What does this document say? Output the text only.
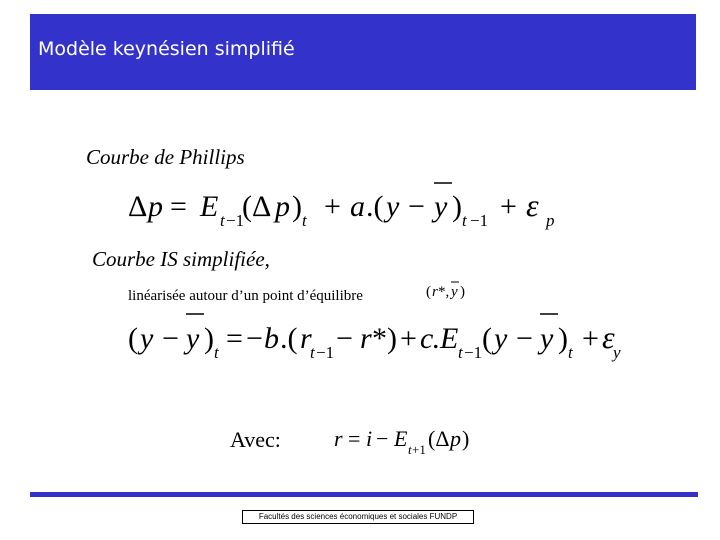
Modèle keynésien simplifié
Courbe de Phillips
Δ p = E t −1
(Δ p ) t + a .( y − y ) t −1 + ε p
Courbe IS simplifiée,
linéarisée autour d’un point d’équilibre	( r *, y )
( y − y ) t = − b .( r
t −1 − r *) + c
. E t −1 ( y − y ) t + ε
y
Avec: r = i − E t +1 (Δ p )
Facultés des sciences économiques et sociales FUNDP
